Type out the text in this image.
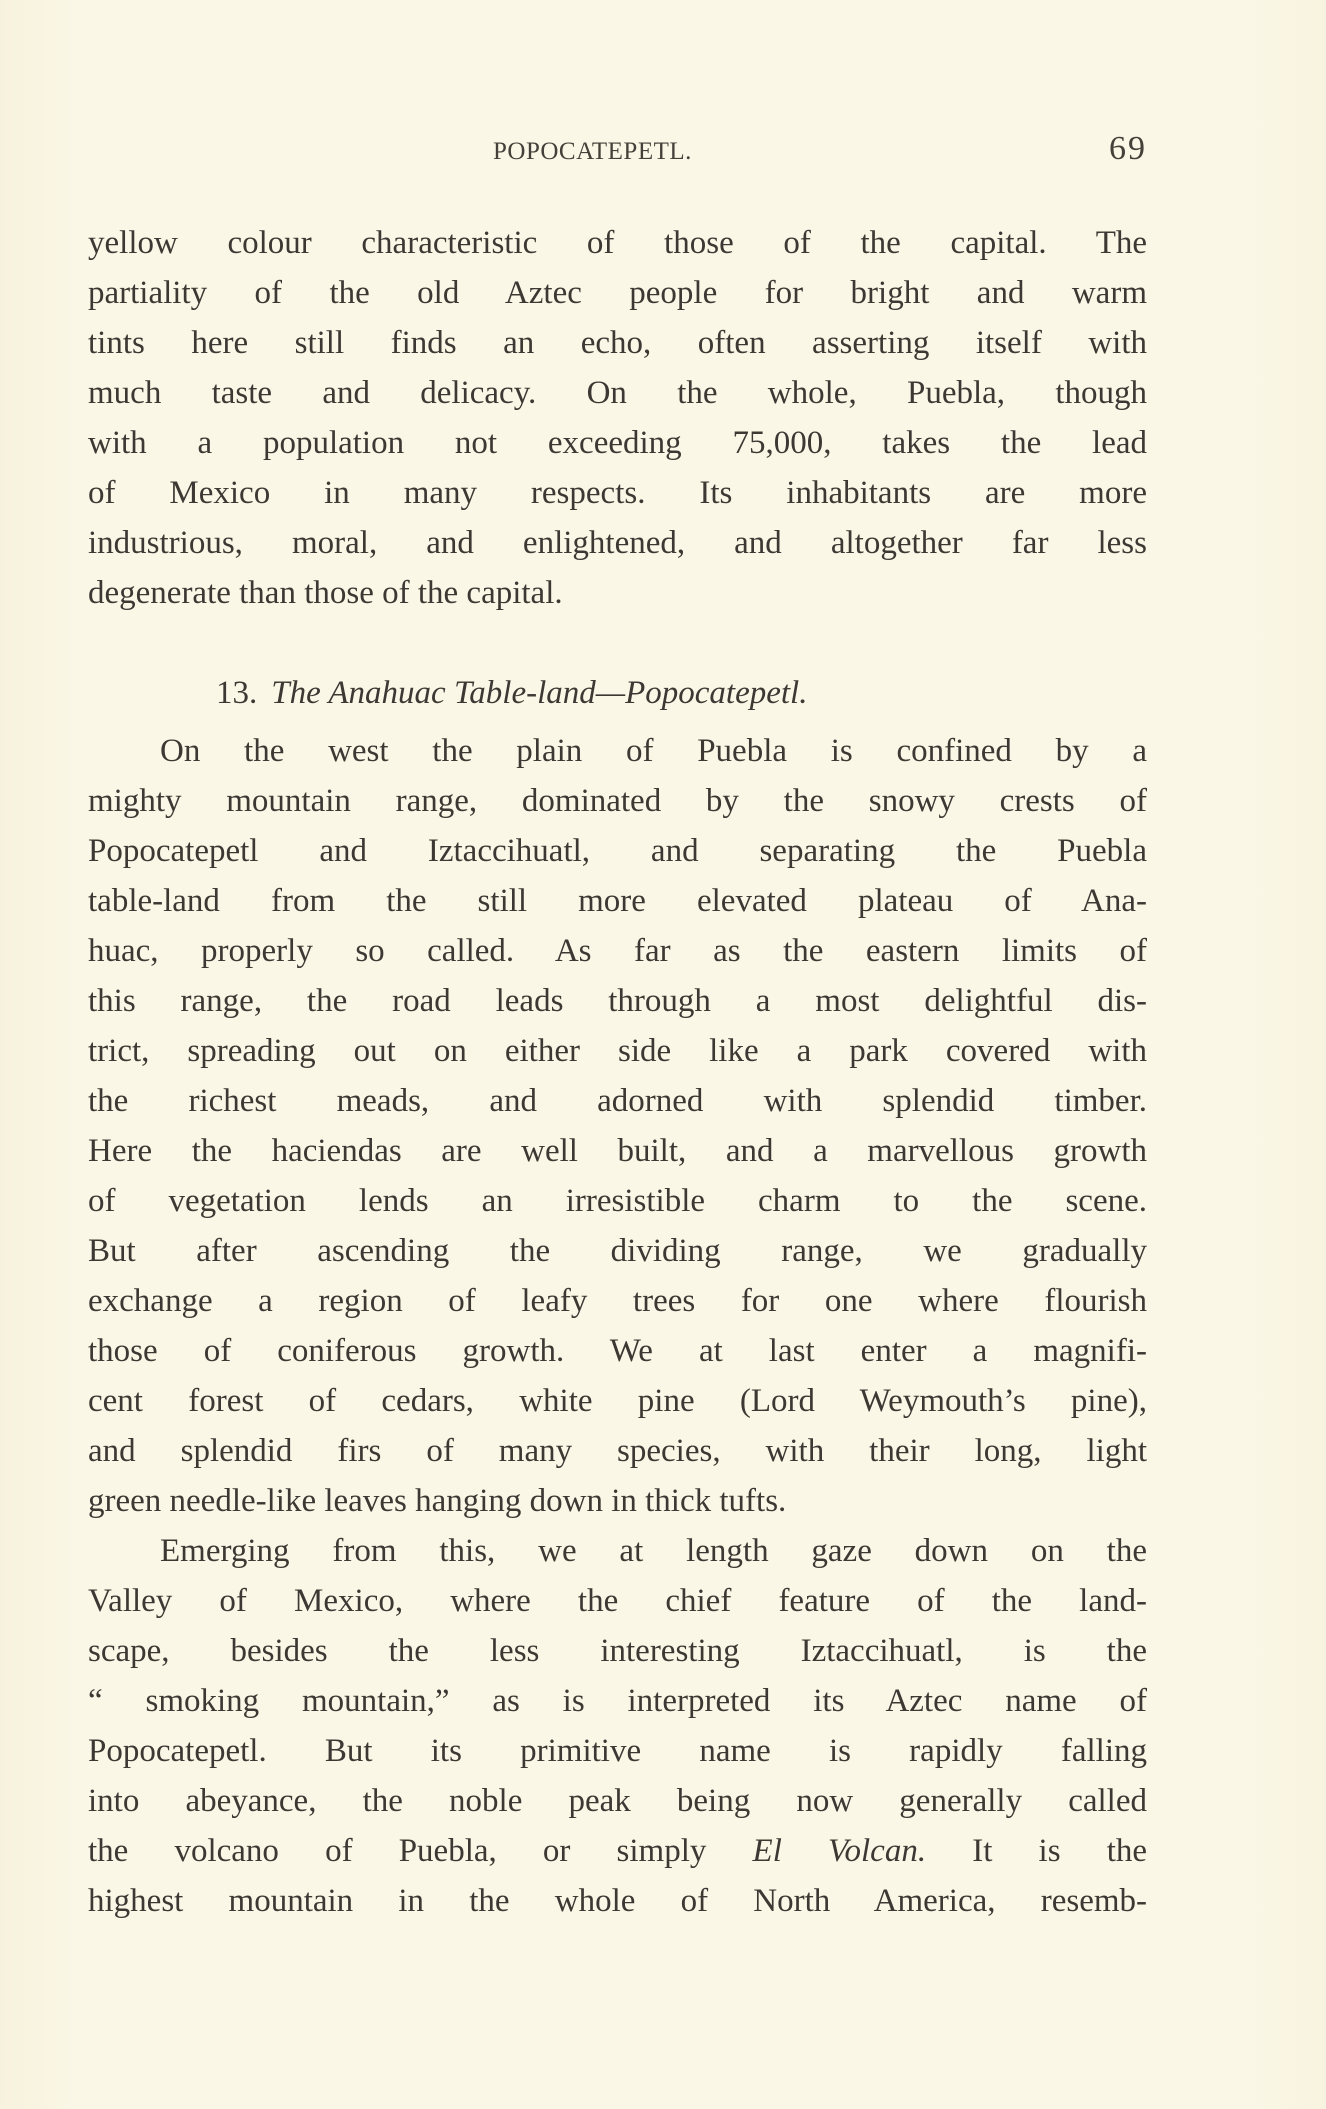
POPOCATEPETL.	69
yellow colour characteristic of those of the capital. The
partiality of the old Aztec people for bright and warm
tints here still finds an echo, often asserting itself with
much taste and delicacy. On the whole, Puebla, though
with a population not exceeding 75,000, takes the lead
of Mexico in many respects. Its inhabitants are more
industrious, moral, and enlightened, and altogether far less
degenerate than those of the capital.
13. The Anahuac Table-land—Popocatepetl.
On the west the plain of Puebla is confined by a
mighty mountain range, dominated by the snowy crests of
Popocatepetl and Iztaccihuatl, and separating the Puebla
table-land from the still more elevated plateau of Ana-
huac, properly so called. As far as the eastern limits of
this range, the road leads through a most delightful dis-
trict, spreading out on either side like a park covered with
the richest meads, and adorned with splendid timber.
Here the haciendas are well built, and a marvellous growth
of vegetation lends an irresistible charm to the scene.
But after ascending the dividing range, we gradually
exchange a region of leafy trees for one where flourish
those of coniferous growth. We at last enter a magnifi-
cent forest of cedars, white pine (Lord Weymouth’s pine),
and splendid firs of many species, with their long, light
green needle-like leaves hanging down in thick tufts.
Emerging from this, we at length gaze down on the
Valley of Mexico, where the chief feature of the land-
scape, besides the less interesting Iztaccihuatl, is the
“ smoking mountain,” as is interpreted its Aztec name of
Popocatepetl. But its primitive name is rapidly falling
into abeyance, the noble peak being now generally called
the volcano of Puebla, or simply El Volcan. It is the
highest mountain in the whole of North America, resemb-
